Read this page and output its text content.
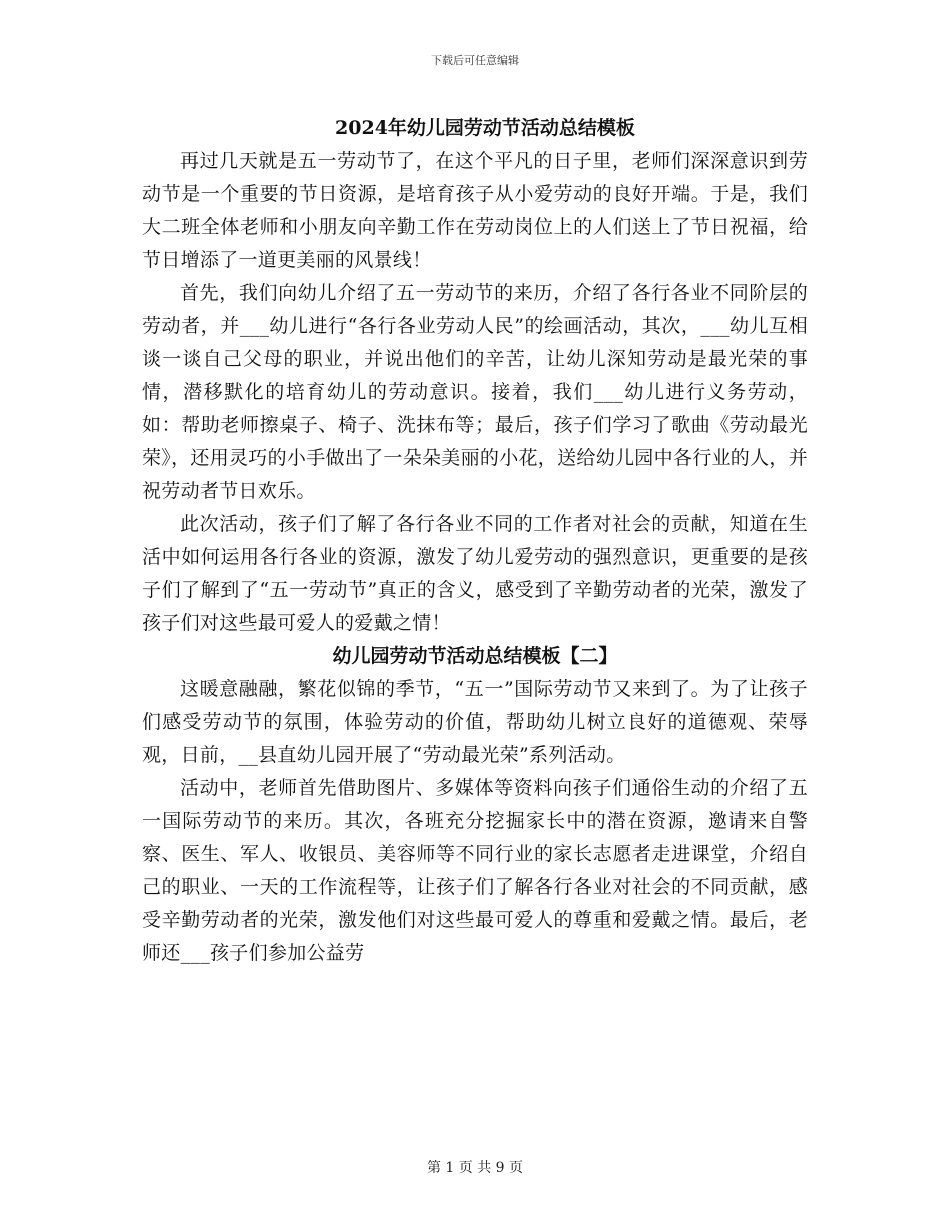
下载后可任意编辑
2024年幼儿园劳动节活动总结模板

再过几天就是五一劳动节了，在这个平凡的日子里，老师们深深意识到劳动节是一个重要的节日资源，是培育孩子从小爱劳动的良好开端。于是，我们大二班全体老师和小朋友向辛勤工作在劳动岗位上的人们送上了节日祝福，给节日增添了一道更美丽的风景线！

首先，我们向幼儿介绍了五一劳动节的来历，介绍了各行各业不同阶层的劳动者，并___幼儿进行“各行各业劳动人民”的绘画活动，其次，___幼儿互相谈一谈自己父母的职业，并说出他们的辛苦，让幼儿深知劳动是最光荣的事情，潜移默化的培育幼儿的劳动意识。接着，我们___幼儿进行义务劳动，如：帮助老师擦桌子、椅子、洗抹布等；最后，孩子们学习了歌曲《劳动最光荣》，还用灵巧的小手做出了一朵朵美丽的小花，送给幼儿园中各行业的人，并祝劳动者节日欢乐。

此次活动，孩子们了解了各行各业不同的工作者对社会的贡献，知道在生活中如何运用各行各业的资源，激发了幼儿爱劳动的强烈意识，更重要的是孩子们了解到了“五一劳动节”真正的含义，感受到了辛勤劳动者的光荣，激发了孩子们对这些最可爱人的爱戴之情！

幼儿园劳动节活动总结模板【二】

这暖意融融，繁花似锦的季节，“五一”国际劳动节又来到了。为了让孩子们感受劳动节的氛围，体验劳动的价值，帮助幼儿树立良好的道德观、荣辱观，日前，__县直幼儿园开展了“劳动最光荣”系列活动。

活动中，老师首先借助图片、多媒体等资料向孩子们通俗生动的介绍了五一国际劳动节的来历。其次，各班充分挖掘家长中的潜在资源，邀请来自警察、医生、军人、收银员、美容师等不同行业的家长志愿者走进课堂，介绍自己的职业、一天的工作流程等，让孩子们了解各行各业对社会的不同贡献，感受辛勤劳动者的光荣，激发他们对这些最可爱人的尊重和爱戴之情。最后，老师还___孩子们参加公益劳

第 1 页 共 9 页
